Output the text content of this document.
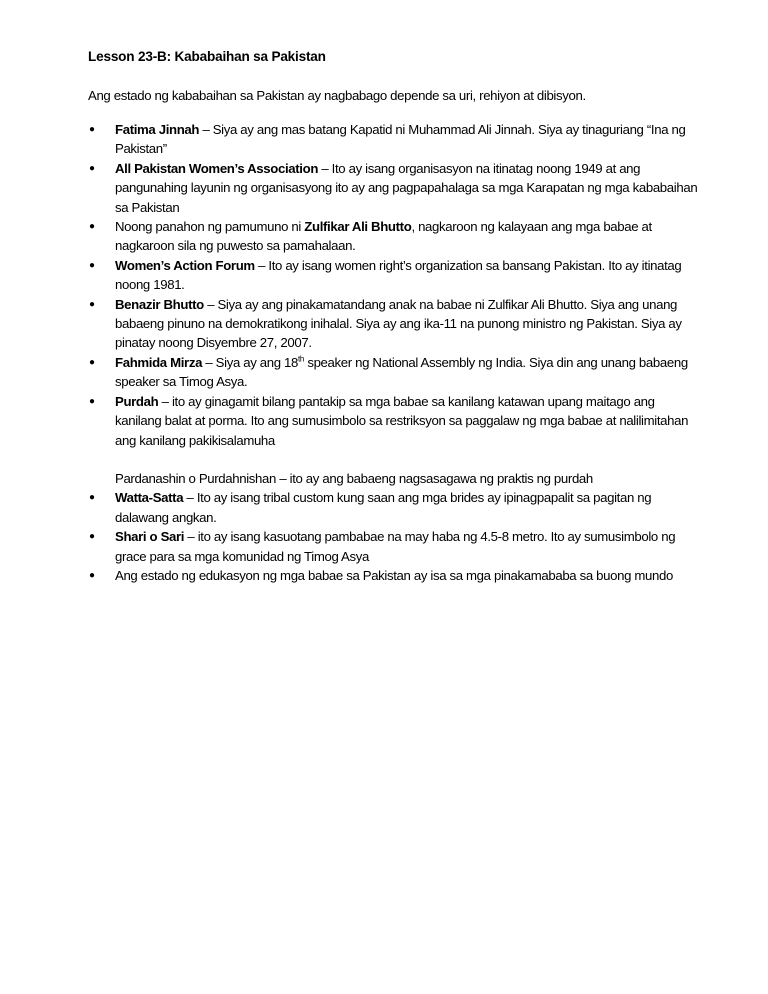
Lesson 23-B: Kababaihan sa Pakistan

Ang estado ng kababaihan sa Pakistan ay nagbabago depende sa uri, rehiyon at dibisyon.

● Fatima Jinnah – Siya ay ang mas batang Kapatid ni Muhammad Ali Jinnah. Siya ay tinaguriang “Ina ng Pakistan”
● All Pakistan Women’s Association – Ito ay isang organisasyon na itinatag noong 1949 at ang pangunahing layunin ng organisasyong ito ay ang pagpapahalaga sa mga Karapatan ng mga kababaihan sa Pakistan
● Noong panahon ng pamumuno ni Zulfikar Ali Bhutto, nagkaroon ng kalayaan ang mga babae at nagkaroon sila ng puwesto sa pamahalaan.
● Women’s Action Forum – Ito ay isang women right’s organization sa bansang Pakistan. Ito ay itinatag noong 1981.
● Benazir Bhutto – Siya ay ang pinakamatandang anak na babae ni Zulfikar Ali Bhutto. Siya ang unang babaeng pinuno na demokratikong inihalal. Siya ay ang ika-11 na punong ministro ng Pakistan. Siya ay pinatay noong Disyembre 27, 2007.
● Fahmida Mirza – Siya ay ang 18th speaker ng National Assembly ng India. Siya din ang unang babaeng speaker sa Timog Asya.
● Purdah – ito ay ginagamit bilang pantakip sa mga babae sa kanilang katawan upang maitago ang kanilang balat at porma. Ito ang sumusimbolo sa restriksyon sa paggalaw ng mga babae at nalilimitahan ang kanilang pakikisalamuha
Pardanashin o Purdahnishan – ito ay ang babaeng nagsasagawa ng praktis ng purdah
● Watta-Satta – Ito ay isang tribal custom kung saan ang mga brides ay ipinagpapalit sa pagitan ng dalawang angkan.
● Shari o Sari – ito ay isang kasuotang pambabae na may haba ng 4.5-8 metro. Ito ay sumusimbolo ng grace para sa mga komunidad ng Timog Asya
● Ang estado ng edukasyon ng mga babae sa Pakistan ay isa sa mga pinakamababa sa buong mundo
